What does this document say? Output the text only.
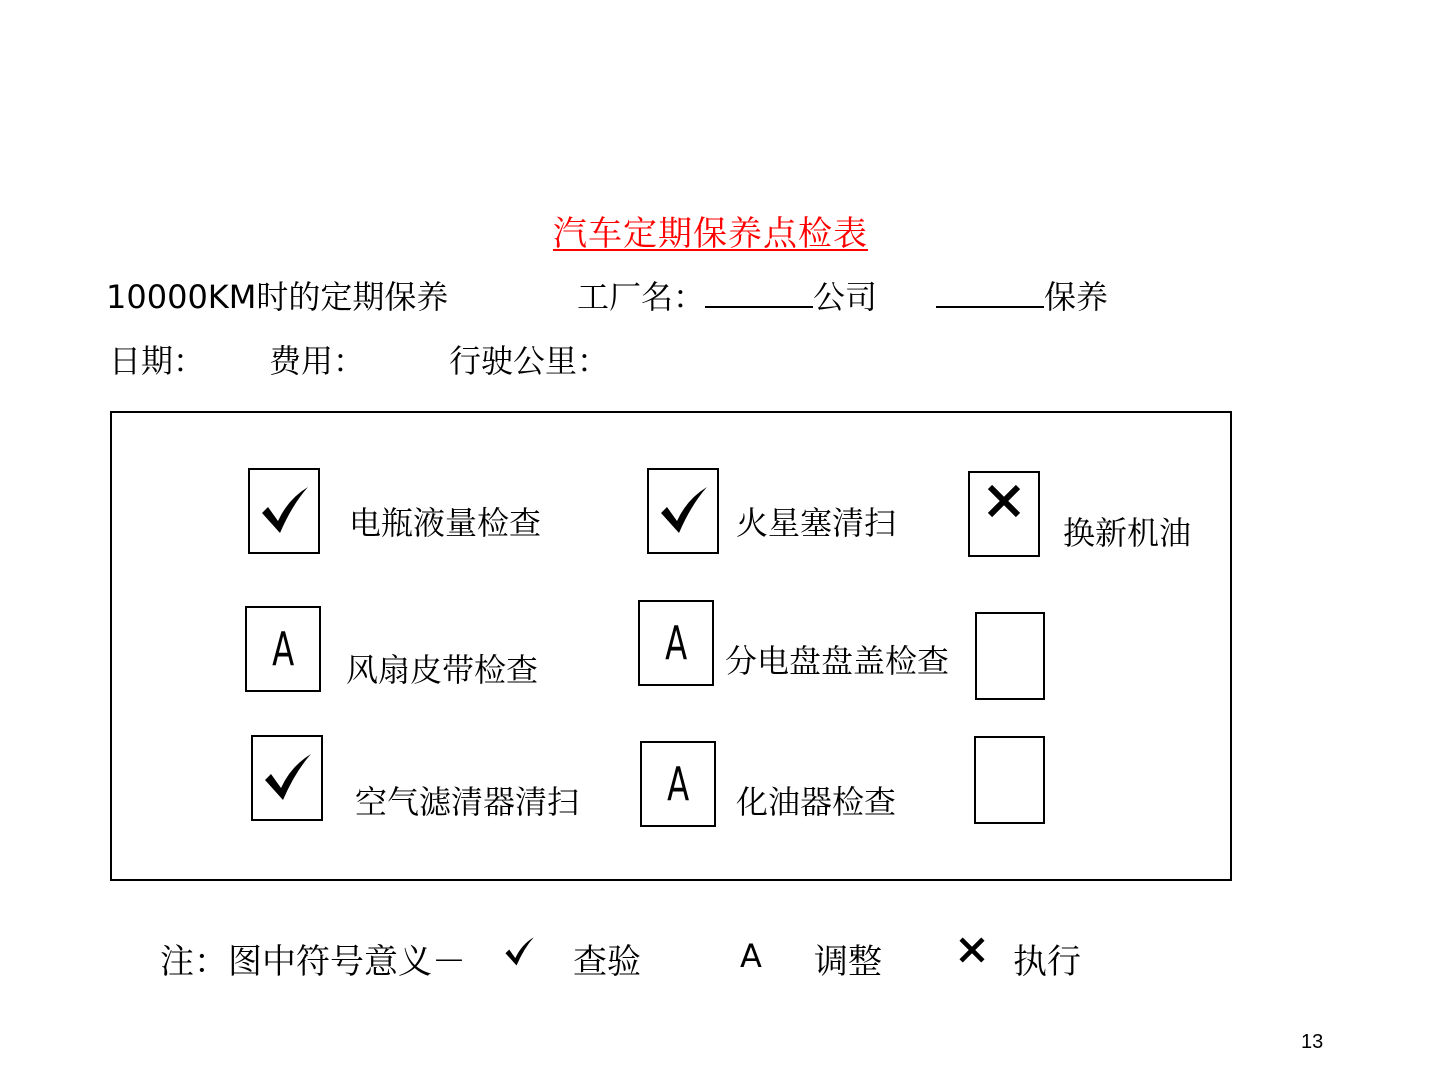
汽车定期保养点检表
10000KM时的定期保养	工厂名：	公司	保养
日期： 费用：	行驶公里：
电瓶液量检查	火星塞清扫	换新机油
A 风扇皮带检查	A 分电盘盘盖检查
空气滤清器清扫 A 化油器检查
注：图中符号意义－	查验	A 调整	执行
13
